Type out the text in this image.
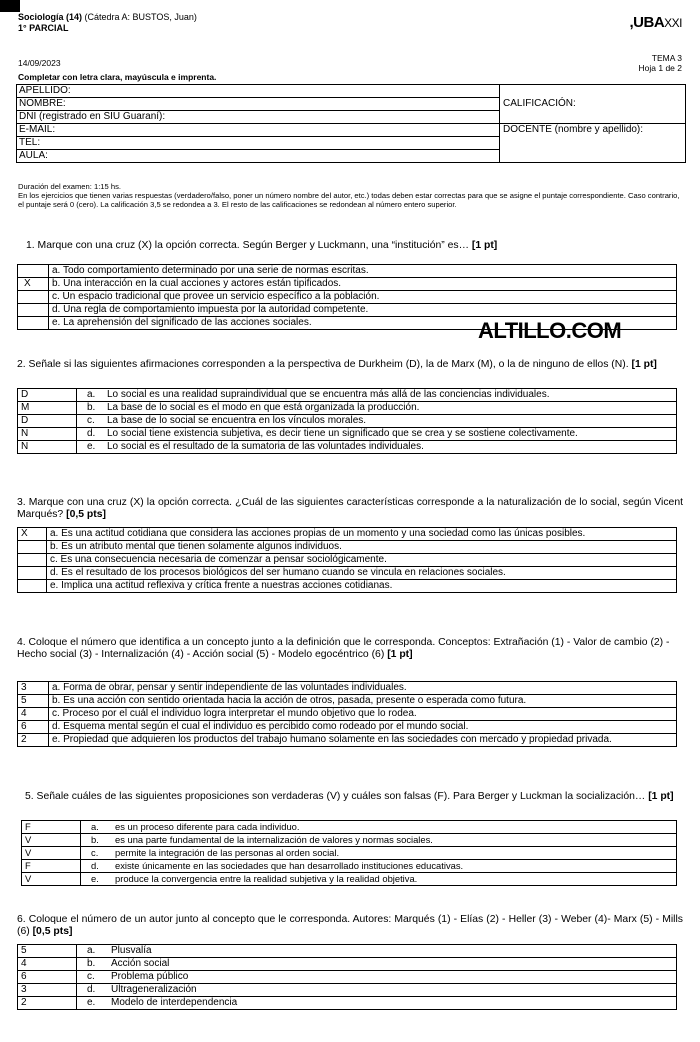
Sociología (14) (Cátedra A: BUSTOS, Juan)
1° PARCIAL	,UBAXXI
14/09/2023	TEMA 3
Hoja 1 de 2
Completar con letra clara, mayúscula e imprenta.
APELLIDO:	CALIFICACIÓN:
NOMBRE:	
DNI (registrado en SIU Guaraní):	
E-MAIL:	DOCENTE (nombre y apellido):
TEL:	
AULA:	
Duración del examen: 1:15 hs.
En los ejercicios que tienen varias respuestas (verdadero/falso, poner un número nombre del autor, etc.) todas deben estar correctas para que se asigne el puntaje correspondiente. Caso contrario, el puntaje será 0 (cero). La calificación 3,5 se redondea a 3. El resto de las calificaciones se redondean al número entero superior.
1. Marque con una cruz (X) la opción correcta. Según Berger y Luckmann, una “institución” es… [1 pt]
	a. Todo comportamiento determinado por una serie de normas escritas.
X	b. Una interacción en la cual acciones y actores están tipificados.
	c. Un espacio tradicional que provee un servicio específico a la población.
	d. Una regla de comportamiento impuesta por la autoridad competente.
	e. La aprehensión del significado de las acciones sociales.	ALTILLO.COM
2. Señale si las siguientes afirmaciones corresponden a la perspectiva de Durkheim (D), la de Marx (M), o la de ninguno de ellos (N). [1 pt]
D	a.	Lo social es una realidad supraindividual que se encuentra más allá de las conciencias individuales.
M	b.	La base de lo social es el modo en que está organizada la producción.
D	c.	La base de lo social se encuentra en los vínculos morales.
N	d.	Lo social tiene existencia subjetiva, es decir tiene un significado que se crea y se sostiene colectivamente.
N	e.	Lo social es el resultado de la sumatoria de las voluntades individuales.
3. Marque con una cruz (X) la opción correcta. ¿Cuál de las siguientes características corresponde a la naturalización de lo social, según Vicent Marqués? [0,5 pts]
X	a. Es una actitud cotidiana que considera las acciones propias de un momento y una sociedad como las únicas posibles.
	b. Es un atributo mental que tienen solamente algunos individuos.
	c. Es una consecuencia necesaria de comenzar a pensar sociológicamente.
	d. Es el resultado de los procesos biológicos del ser humano cuando se vincula en relaciones sociales.
	e. Implica una actitud reflexiva y crítica frente a nuestras acciones cotidianas.
4. Coloque el número que identifica a un concepto junto a la definición que le corresponda. Conceptos: Extrañación (1) - Valor de cambio (2) - Hecho social (3) - Internalización (4) - Acción social (5) - Modelo egocéntrico (6) [1 pt]
3	a. Forma de obrar, pensar y sentir independiente de las voluntades individuales.
5	b. Es una acción con sentido orientada hacia la acción de otros, pasada, presente o esperada como futura.
4	c. Proceso por el cuál el individuo logra interpretar el mundo objetivo que lo rodea.
6	d. Esquema mental según el cual el individuo es percibido como rodeado por el mundo social.
2	e. Propiedad que adquieren los productos del trabajo humano solamente en las sociedades con mercado y propiedad privada.
5. Señale cuáles de las siguientes proposiciones son verdaderas (V) y cuáles son falsas (F). Para Berger y Luckman la socialización… [1 pt]
F	a.	es un proceso diferente para cada individuo.
V	b.	es una parte fundamental de la internalización de valores y normas sociales.
V	c.	permite la integración de las personas al orden social.
F	d.	existe únicamente en las sociedades que han desarrollado instituciones educativas.
V	e.	produce la convergencia entre la realidad subjetiva y la realidad objetiva.
6. Coloque el número de un autor junto al concepto que le corresponda. Autores: Marqués (1) - Elías (2) - Heller (3) - Weber (4)- Marx (5) - Mills (6) [0,5 pts]
5	a.	Plusvalía
4	b.	Acción social
6	c.	Problema público
3	d.	Ultrageneralización
2	e.	Modelo de interdependencia
